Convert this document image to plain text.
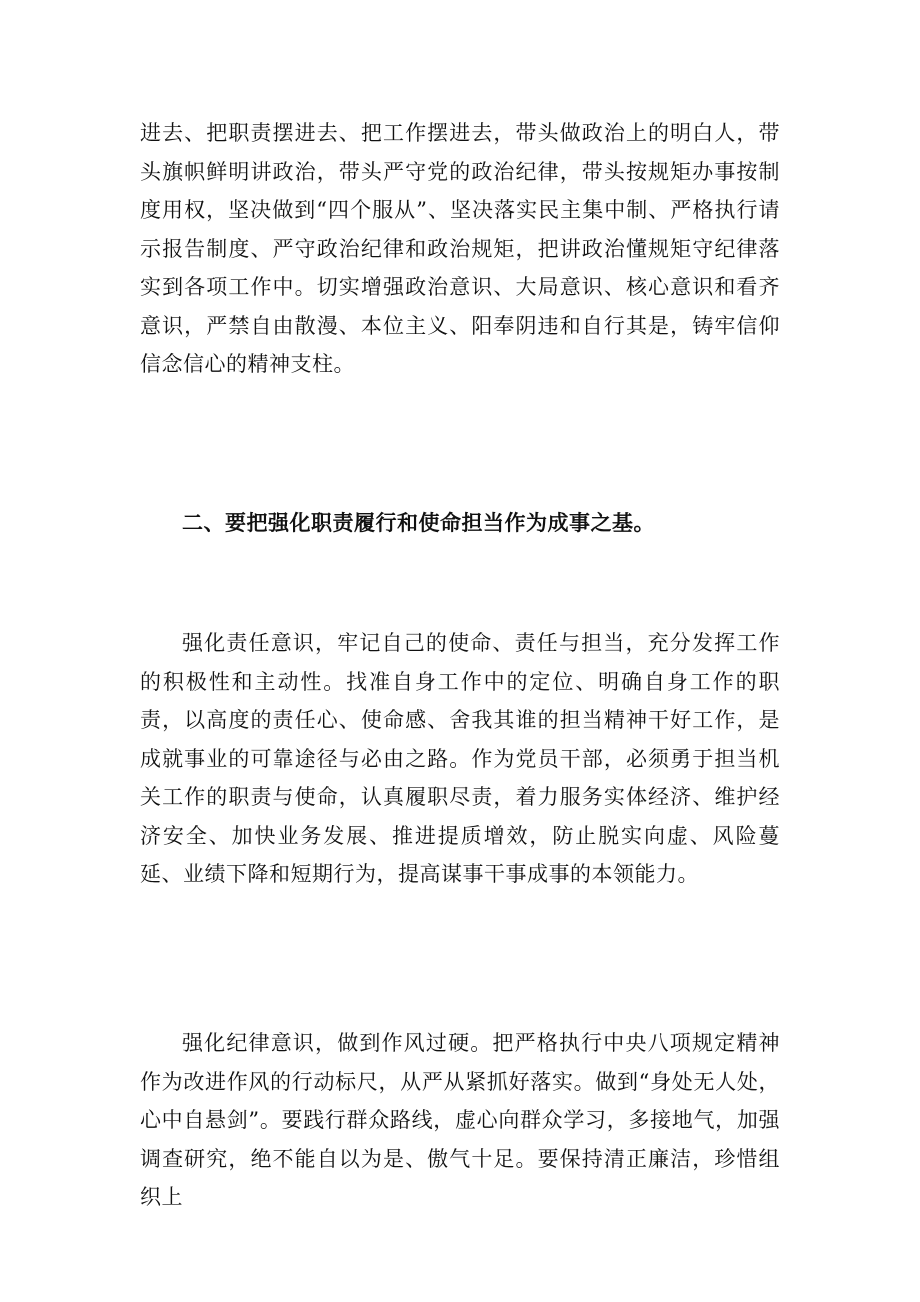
进去、把职责摆进去、把工作摆进去，带头做政治上的明白人，带头旗帜鲜明讲政治，带头严守党的政治纪律，带头按规矩办事按制度用权，坚决做到“四个服从”、坚决落实民主集中制、严格执行请示报告制度、严守政治纪律和政治规矩，把讲政治懂规矩守纪律落实到各项工作中。切实增强政治意识、大局意识、核心意识和看齐意识，严禁自由散漫、本位主义、阳奉阴违和自行其是，铸牢信仰信念信心的精神支柱。

二、要把强化职责履行和使命担当作为成事之基。

强化责任意识，牢记自己的使命、责任与担当，充分发挥工作的积极性和主动性。找准自身工作中的定位、明确自身工作的职责，以高度的责任心、使命感、舍我其谁的担当精神干好工作，是成就事业的可靠途径与必由之路。作为党员干部，必须勇于担当机关工作的职责与使命，认真履职尽责，着力服务实体经济、维护经济安全、加快业务发展、推进提质增效，防止脱实向虚、风险蔓延、业绩下降和短期行为，提高谋事干事成事的本领能力。

强化纪律意识，做到作风过硬。把严格执行中央八项规定精神作为改进作风的行动标尺，从严从紧抓好落实。做到“身处无人处，心中自悬剑”。要践行群众路线，虚心向群众学习，多接地气，加强调查研究，绝不能自以为是、傲气十足。要保持清正廉洁，珍惜组织上
